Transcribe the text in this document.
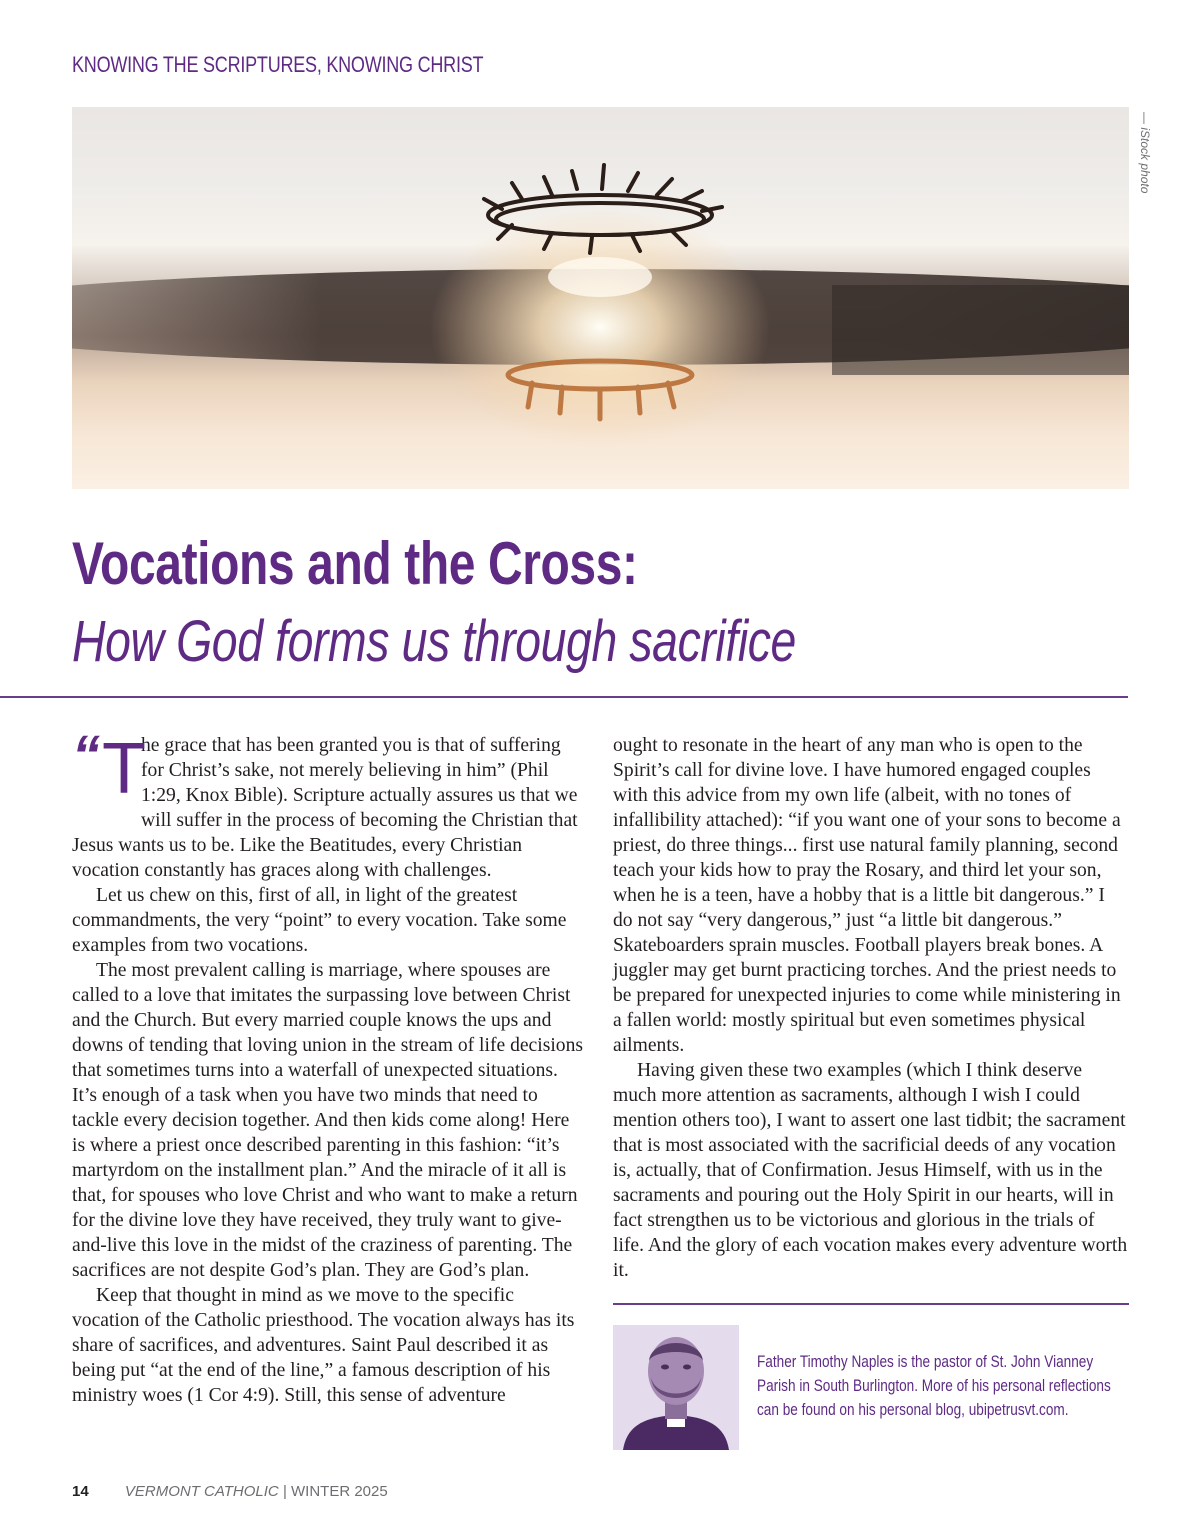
KNOWING THE SCRIPTURES, KNOWING CHRIST
— iStock photo
Vocations and the Cross:
How God forms us through sacrifice

“ T
he grace that has been granted you is that of suffering for Christ’s sake, not merely believing in him” (Phil 1:29, Knox Bible). Scripture actually assures us that we will suffer in the process of becoming the Christian that Jesus wants us to be. Like the Beatitudes, every Christian vocation constantly has graces along with challenges.

Let us chew on this, first of all, in light of the greatest commandments, the very “point” to every vocation. Take some examples from two vocations.

The most prevalent calling is marriage, where spouses are called to a love that imitates the surpassing love between Christ and the Church. But every married couple knows the ups and downs of tending that loving union in the stream of life decisions that sometimes turns into a waterfall of unexpected situations. It’s enough of a task when you have two minds that need to tackle every decision together. And then kids come along! Here is where a priest once described parenting in this fashion: “it’s martyrdom on the installment plan.” And the miracle of it all is that, for spouses who love Christ and who want to make a return for the divine love they have received, they truly want to give-and-live this love in the midst of the craziness of parenting. The sacrifices are not despite God’s plan. They are God’s plan.

Keep that thought in mind as we move to the specific vocation of the Catholic priesthood. The vocation always has its share of sacrifices, and adventures. Saint Paul described it as being put “at the end of the line,” a famous description of his ministry woes (1 Cor 4:9). Still, this sense of adventure

ought to resonate in the heart of any man who is open to the Spirit’s call for divine love. I have humored engaged couples with this advice from my own life (albeit, with no tones of infallibility attached): “if you want one of your sons to become a priest, do three things... first use natural family planning, second teach your kids how to pray the Rosary, and third let your son, when he is a teen, have a hobby that is a little bit dangerous.” I do not say “very dangerous,” just “a little bit dangerous.” Skateboarders sprain muscles. Football players break bones. A juggler may get burnt practicing torches. And the priest needs to be prepared for unexpected injuries to come while ministering in a fallen world: mostly spiritual but even sometimes physical ailments.

Having given these two examples (which I think deserve much more attention as sacraments, although I wish I could mention others too), I want to assert one last tidbit; the sacrament that is most associated with the sacrificial deeds of any vocation is, actually, that of Confirmation. Jesus Himself, with us in the sacraments and pouring out the Holy Spirit in our hearts, will in fact strengthen us to be victorious and glorious in the trials of life. And the glory of each vocation makes every adventure worth it.

Father Timothy Naples is the pastor of St. John Vianney
Parish in South Burlington. More of his personal reflections
can be found on his personal blog, ubipetrusvt.com.
14 VERMONT CATHOLIC | WINTER 2025
